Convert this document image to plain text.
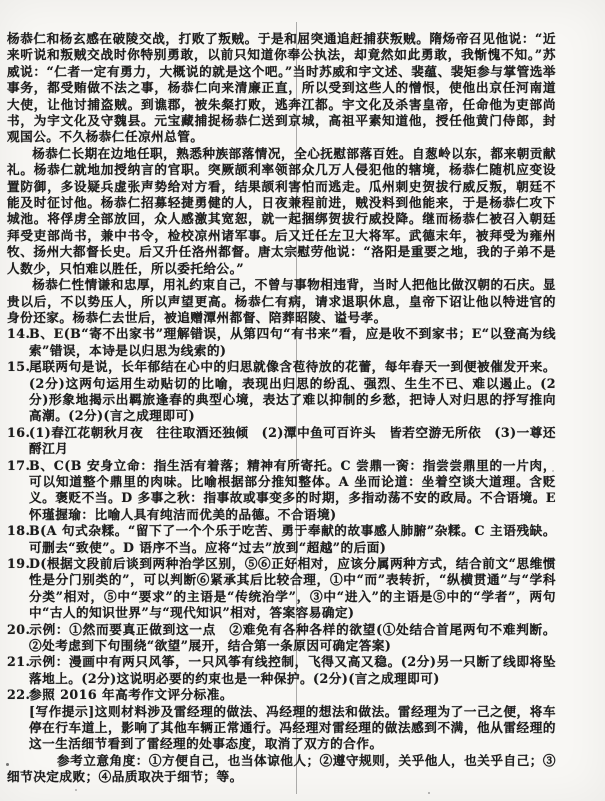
杨恭仁和杨玄感在破陵交战，打败了叛贼。于是和屈突通追赶捕获叛贼。隋炀帝召见他说：“近来听说和叛贼交战时你特别勇敢，以前只知道你奉公执法，却竟然如此勇敢，我惭愧不知。”苏威说：“仁者一定有勇力，大概说的就是这个吧。”当时苏威和宇文述、裴蕴、裴矩参与掌管选举事务，都受贿做不法之事，杨恭仁向来清廉正直，所以受到这些人的憎恨，使他出京任河南道大使，让他讨捕盗贼。到谯郡，被朱粲打败，逃奔江都。宇文化及杀害皇帝，任命他为吏部尚书，为宇文化及守魏县。元宝藏捕捉杨恭仁送到京城，高祖平素知道他，授任他黄门侍郎，封观国公。不久杨恭仁任凉州总管。
杨恭仁长期在边地任职，熟悉种族部落情况，全心抚慰部落百姓。自葱岭以东，都来朝贡献礼。杨恭仁就地加授纳言的官职。突厥颉利率领部众几万人侵犯他的辖境，杨恭仁随机应变设置防御，多设疑兵虚张声势给对方看，结果颉利害怕而逃走。瓜州刺史贺拔行威反叛，朝廷不能及时征讨他。杨恭仁招募轻捷勇健的人，日夜兼程前进，贼没料到他能来，于是杨恭仁攻下城池。将俘虏全部放回，众人感激其宽恕，就一起捆绑贺拔行威投降。继而杨恭仁被召入朝廷拜受吏部尚书，兼中书令，检校凉州诸军事。后又迁任左卫大将军。武德末年，被拜受为雍州牧、扬州大都督长史。后又升任洛州都督。唐太宗慰劳他说：“洛阳是重要之地，我的子弟不是人数少，只怕难以胜任，所以委托给公。”
杨恭仁性情谦和忠厚，用礼约束自己，不曾与事物相违背，当时人把他比做汉朝的石庆。显贵以后，不以势压人，所以声望更高。杨恭仁有病，请求退职休息，皇帝下诏让他以特进官的身份还家。杨恭仁去世后，被追赠潭州都督、陪葬昭陵、谥号孝。
14.B、E(B“寄不出家书”理解错误，从第四句“有书来”看，应是收不到家书；E“以登高为线索”错误，本诗是以归思为线索的)
15.尾联两句是说，长年郁结在心中的归思就像含苞待放的花蕾，每年春天一到便被催发开来。(2分)这两句运用生动贴切的比喻，表现出归思的纷乱、强烈、生生不已、难以遏止。(2分)形象地揭示出羁旅逢春的典型心境，表达了难以抑制的乡愁，把诗人对归思的抒写推向高潮。(2分)(言之成理即可)
16.(1)春江花朝秋月夜　往往取酒还独倾　(2)潭中鱼可百许头　皆若空游无所依　(3)一尊还酹江月
17.B、C(B 安身立命：指生活有着落；精神有所寄托。C 尝鼎一脔：指尝尝鼎里的一片肉，可以知道整个鼎里的肉味。比喻根据部分推知整体。A 坐而论道：坐着空谈大道理。含贬义。褒贬不当。D 多事之秋：指事故或事变多的时期，多指动荡不安的政局。不合语境。E 怀瑾握瑜：比喻人具有纯洁而优美的品德。不合语境)
18.B(A 句式杂糅。“留下了一个个乐于吃苦、勇于奉献的故事感人肺腑”杂糅。C 主语残缺。可删去“致使”。D 语序不当。应将“过去”放到“超越”的后面)
19.D(根据文段前后谈到两种治学区别，⑤⑥正好相对，应该分属两种方式，结合前文“思维惯性是分门别类的”，可以判断⑥紧承其后比较合理，①中“而”表转折，“纵横贯通”与“学科分类”相对，⑤中“要求”的主语是“传统治学”，③中“进入”的主语是⑤中的“学者”，两句中“古人的知识世界”与“现代知识”相对，答案容易确定)
20.示例：①然而要真正做到这一点　②难免有各种各样的欲望(①处结合首尾两句不难判断。②处考虑到下句围绕“欲望”展开，结合第一条原因可确定答案)
21.示例：漫画中有两只风筝，一只风筝有线控制，飞得又高又稳。(2分)另一只断了线即将坠落地上。(2分)这说明必要的约束也是一种保护。(2分)(言之成理即可)
22.参照 2016 年高考作文评分标准。
[写作提示]这则材料涉及雷经理的做法、冯经理的想法和做法。雷经理为了一己之便，将车停在行车道上，影响了其他车辆正常通行。冯经理对雷经理的做法感到不满，他从雷经理的这一生活细节看到了雷经理的处事态度，取消了双方的合作。
参考立意角度：①方便自己，也当体谅他人；②遵守规则，关乎他人，也关乎自己；③细节决定成败；④品质取决于细节；等。
